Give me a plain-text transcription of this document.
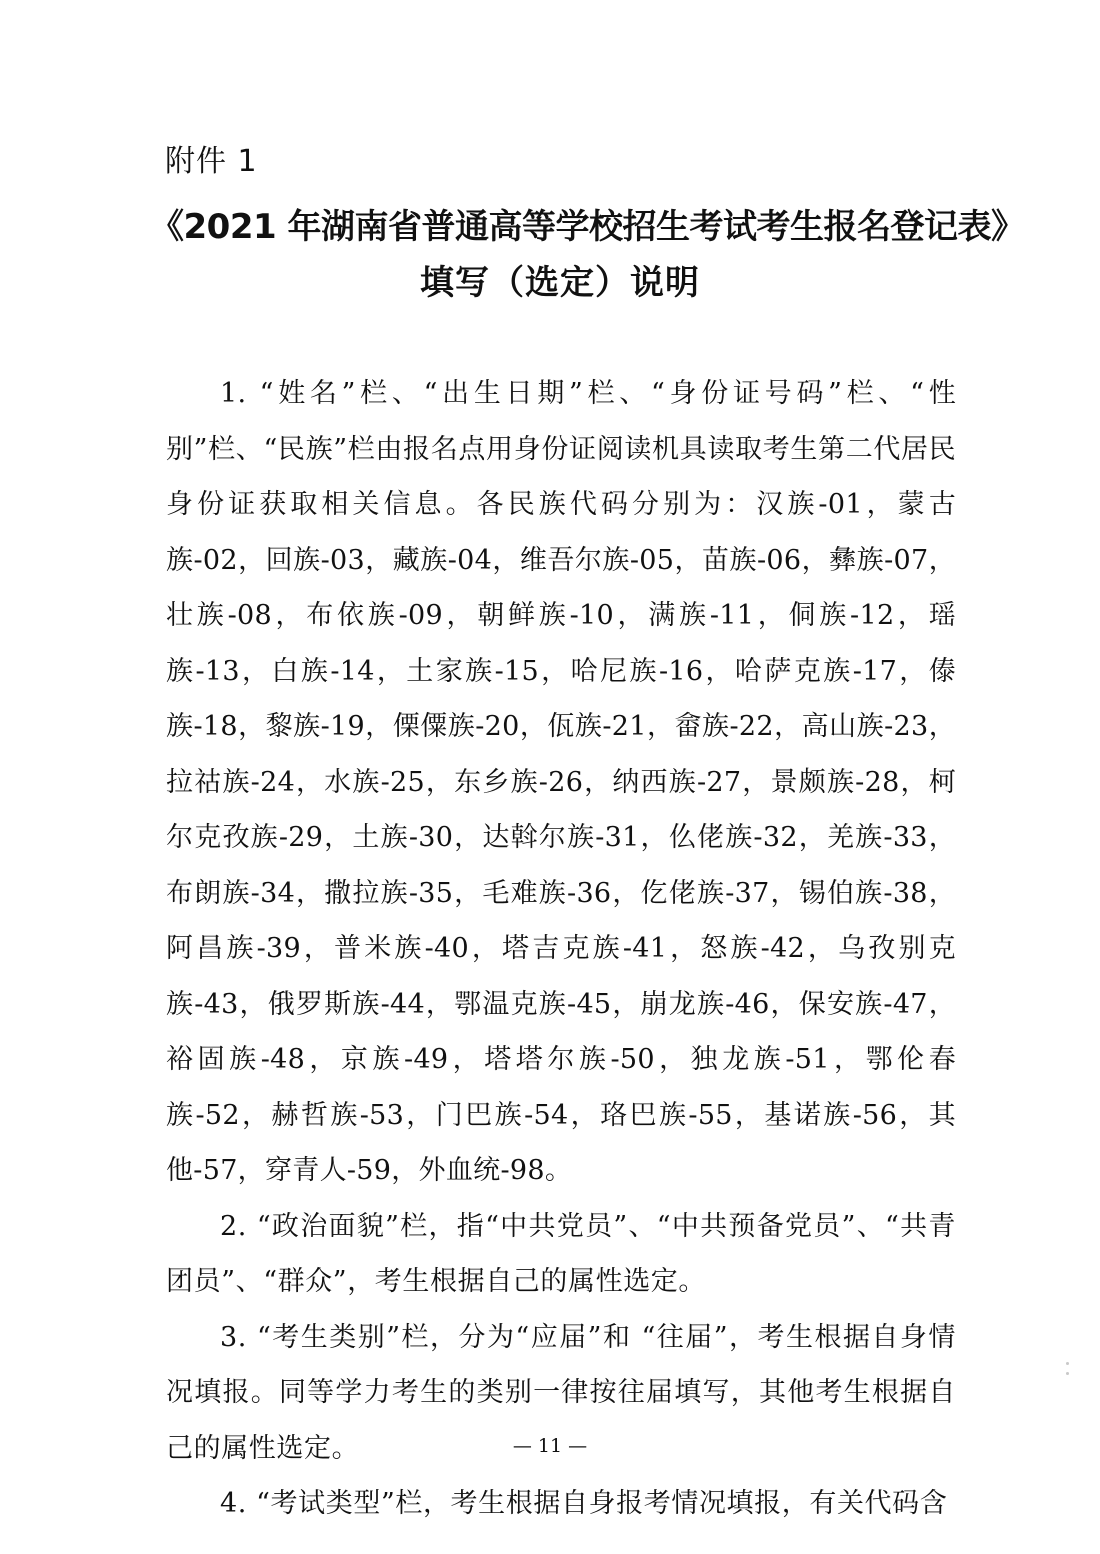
附件 1
《2021 年湖南省普通高等学校招生考试考生报名登记表》
填写（选定）说明

1. “姓名”栏、“出生日期”栏、“身份证号码”栏、“性别”栏、“民族”栏由报名点用身份证阅读机具读取考生第二代居民身份证获取相关信息。各民族代码分别为：汉族-01，蒙古族-02，回族-03，藏族-04，维吾尔族-05，苗族-06，彝族-07，壮族-08，布依族-09，朝鲜族-10，满族-11，侗族-12，瑶族-13，白族-14，土家族-15，哈尼族-16，哈萨克族-17，傣族-18，黎族-19，傈僳族-20，佤族-21，畲族-22，高山族-23，拉祜族-24，水族-25，东乡族-26，纳西族-27，景颇族-28，柯尔克孜族-29，土族-30，达斡尔族-31，仫佬族-32，羌族-33，布朗族-34，撒拉族-35，毛难族-36，仡佬族-37，锡伯族-38，阿昌族-39，普米族-40，塔吉克族-41，怒族-42，乌孜别克族-43，俄罗斯族-44，鄂温克族-45，崩龙族-46，保安族-47，裕固族-48，京族-49，塔塔尔族-50，独龙族-51，鄂伦春族-52，赫哲族-53，门巴族-54，珞巴族-55，基诺族-56，其他-57，穿青人-59，外血统-98。

2. “政治面貌”栏，指“中共党员”、“中共预备党员”、“共青团员”、“群众”，考生根据自己的属性选定。

3. “考生类别”栏，分为“应届”和 “往届”，考生根据自身情况填报。同等学力考生的类别一律按往届填写，其他考生根据自己的属性选定。

4. “考试类型”栏，考生根据自身报考情况填报，有关代码含

— 11 —
